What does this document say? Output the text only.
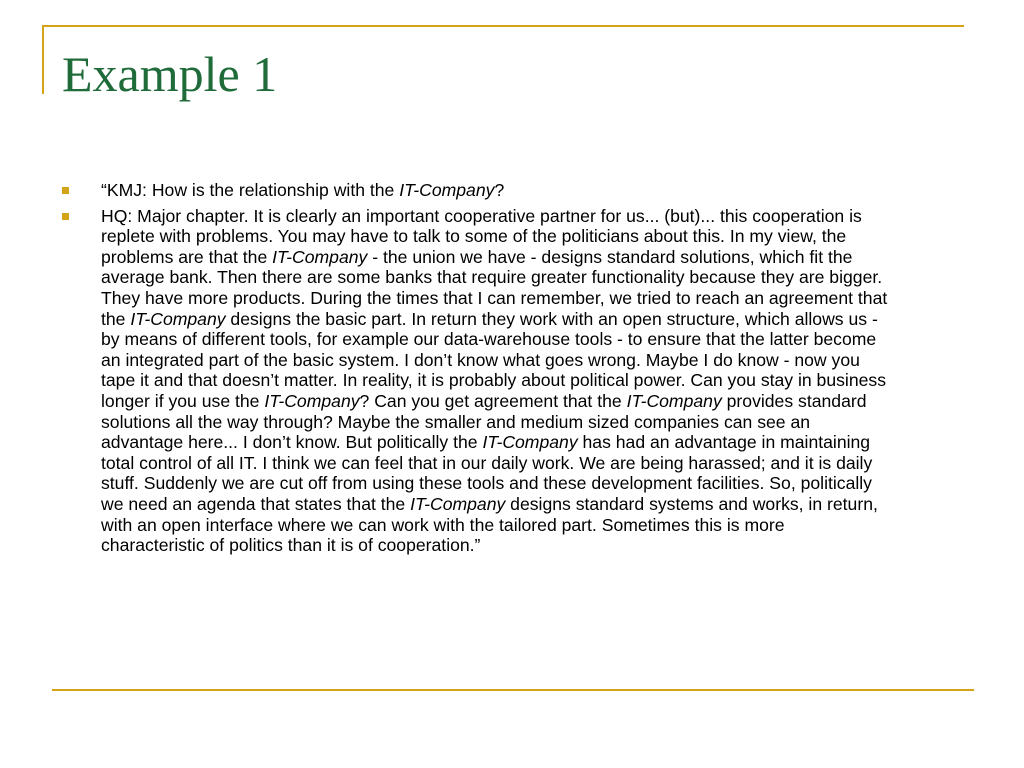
Example 1
“KMJ: How is the relationship with the IT-Company?
HQ: Major chapter. It is clearly an important cooperative partner for us... (but)... this cooperation is replete with problems. You may have to talk to some of the politicians about this. In my view, the problems are that the IT-Company - the union we have - designs standard solutions, which fit the average bank. Then there are some banks that require greater functionality because they are bigger. They have more products. During the times that I can remember, we tried to reach an agreement that the IT-Company designs the basic part. In return they work with an open structure, which allows us - by means of different tools, for example our data-warehouse tools - to ensure that the latter become an integrated part of the basic system. I don’t know what goes wrong. Maybe I do know - now you tape it and that doesn’t matter. In reality, it is probably about political power. Can you stay in business longer if you use the IT-Company? Can you get agreement that the IT-Company provides standard solutions all the way through? Maybe the smaller and medium sized companies can see an advantage here... I don’t know. But politically the IT-Company has had an advantage in maintaining total control of all IT. I think we can feel that in our daily work. We are being harassed; and it is daily stuff. Suddenly we are cut off from using these tools and these development facilities. So, politically we need an agenda that states that the IT-Company designs standard systems and works, in return, with an open interface where we can work with the tailored part. Sometimes this is more characteristic of politics than it is of cooperation.”
